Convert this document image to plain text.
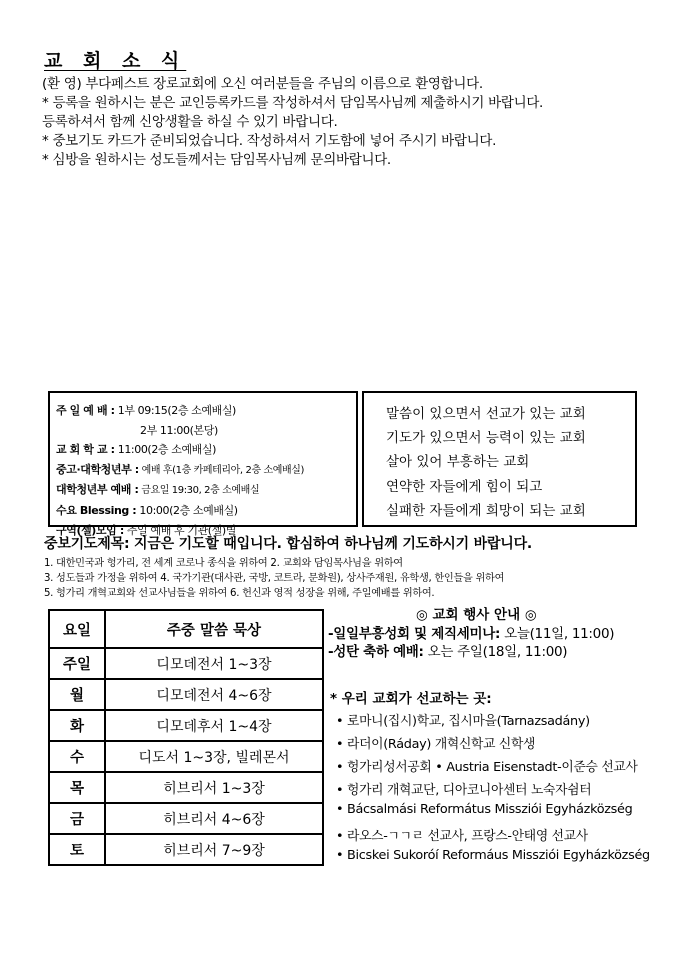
교 회 소 식
(환 영) 부다페스트 장로교회에 오신 여러분들을 주님의 이름으로 환영합니다.
* 등록을 원하시는 분은 교인등록카드를 작성하셔서 담임목사님께 제출하시기 바랍니다.
등록하셔서 함께 신앙생활을 하실 수 있기 바랍니다.
* 중보기도 카드가 준비되었습니다. 작성하셔서 기도함에 넣어 주시기 바랍니다.
* 심방을 원하시는 성도들께서는 담임목사님께 문의바랍니다.
주 일 예 배 : 1부 09:15(2층 소예배실)
2부 11:00(본당)
교 회 학 교 : 11:00(2층 소예배실)
중고·대학청년부 : 예배 후(1층 카페테리아, 2층 소예배실)
대학청년부 예배 : 금요일 19:30, 2층 소예배실
수요 Blessing : 10:00(2층 소예배실)
구역(셀)모임 : 주일 예배 후 기관(셀)별
말씀이 있으면서 선교가 있는 교회
기도가 있으면서 능력이 있는 교회
살아 있어 부흥하는 교회
연약한 자들에게 힘이 되고
실패한 자들에게 희망이 되는 교회
중보기도제목: 지금은 기도할 때입니다. 합심하여 하나님께 기도하시기 바랍니다.
1. 대한민국과 헝가리, 전 세계 코로나 종식을 위하여 2. 교회와 담임목사님을 위하여
3. 성도들과 가정을 위하여 4. 국가기관(대사관, 국방, 코트라, 문화원), 상사주재원, 유학생, 한인들을 위하여
5. 헝가리 개혁교회와 선교사님들을 위하여 6. 헌신과 영적 성장을 위해, 주일예배를 위하여.
요일	주중 말씀 묵상
주일	디모데전서 1~3장
월	디모데전서 4~6장
화	디모데후서 1~4장
수	디도서 1~3장, 빌레몬서
목	히브리서 1~3장
금	히브리서 4~6장
토	히브리서 7~9장
◎ 교회 행사 안내 ◎
-일일부흥성회 및 제직세미나: 오늘(11일, 11:00)
-성탄 축하 예배: 오는 주일(18일, 11:00)
* 우리 교회가 선교하는 곳:
• 로마니(집시)학교, 집시마을(Tarnazsadány)
• 라더이(Ráday) 개혁신학교 신학생
• 헝가리성서공회 • Austria Eisenstadt-이준승 선교사
• 헝가리 개혁교단, 디아코니아센터 노숙자쉼터
• Bácsalmási Református Missziói Egyházközség
• 라오스-ㄱㄱㄹ 선교사, 프랑스-안태영 선교사
• Bicskei Sukoróí Reformáus Missziói Egyházközség
